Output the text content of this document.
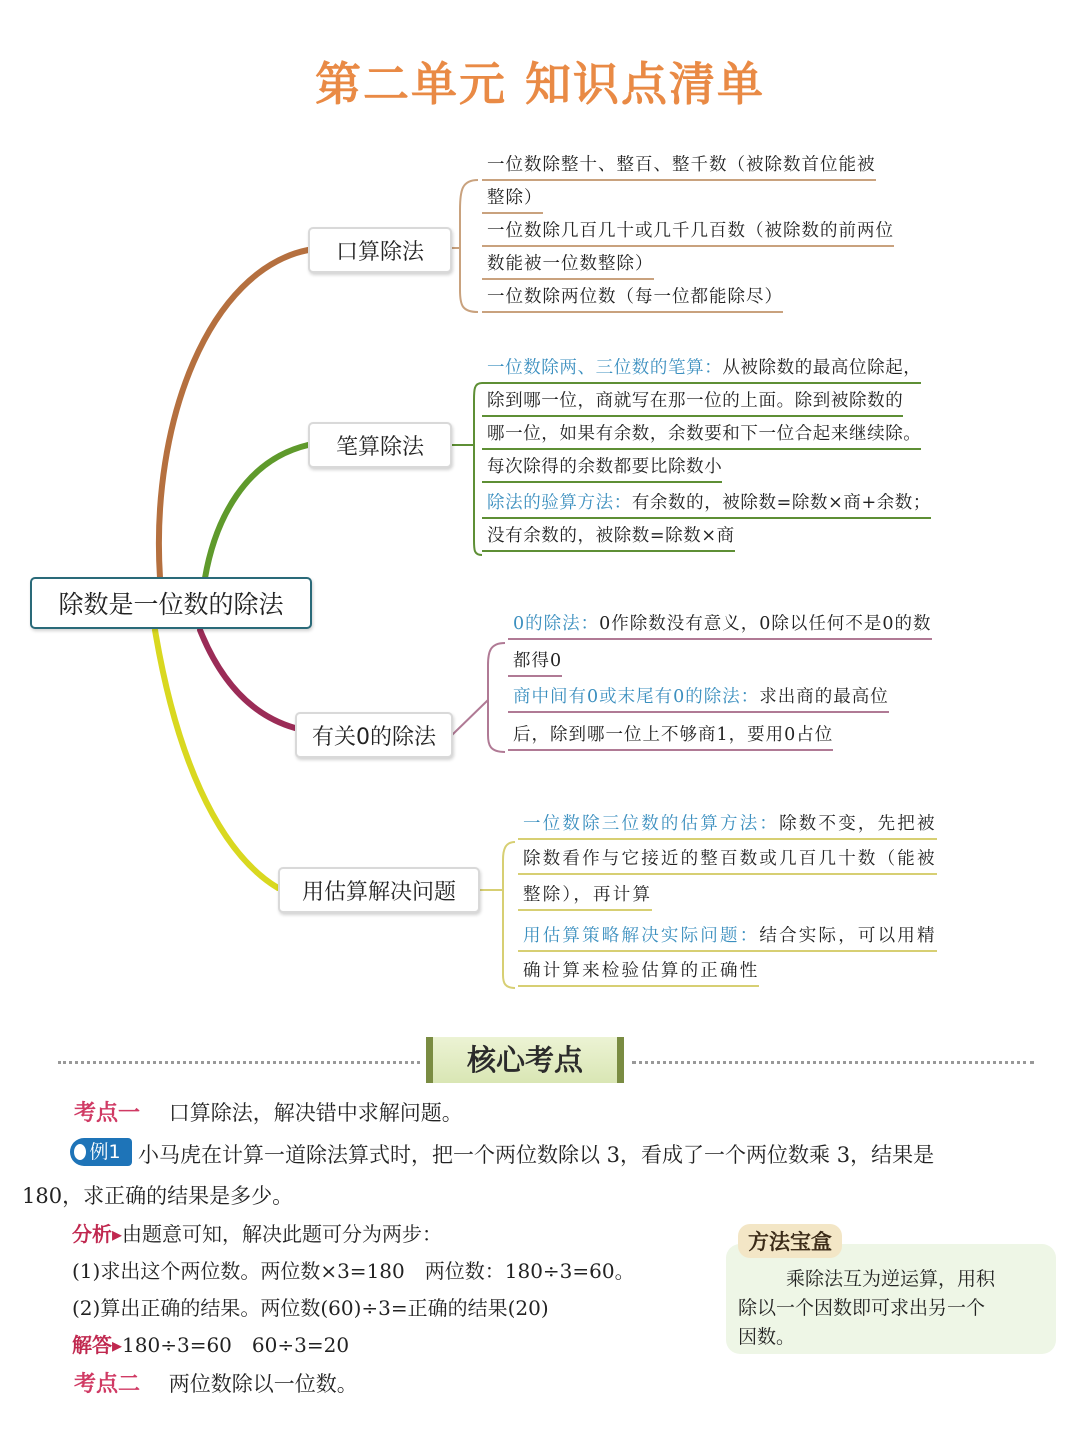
第二单元 知识点清单
除数是一位数的除法
口算除法
笔算除法
有关0的除法
用估算解决问题
一位数除整十、整百、整千数（被除数首位能被
整除）
一位数除几百几十或几千几百数（被除数的前两位
数能被一位数整除）
一位数除两位数（每一位都能除尽）
一位数除两、三位数的笔算：从被除数的最高位除起，
除到哪一位，商就写在那一位的上面。除到被除数的
哪一位，如果有余数，余数要和下一位合起来继续除。
每次除得的余数都要比除数小
除法的验算方法：有余数的，被除数=除数×商+余数；
没有余数的，被除数=除数×商
0的除法：0作除数没有意义，0除以任何不是0的数
都得0
商中间有0或末尾有0的除法：求出商的最高位
后，除到哪一位上不够商1，要用0占位
一位数除三位数的估算方法：除数不变，先把被
除数看作与它接近的整百数或几百几十数（能被
整除），再计算
用估算策略解决实际问题：结合实际，可以用精
确计算来检验估算的正确性
核心考点
考点一 口算除法，解决错中求解问题。
例1 小马虎在计算一道除法算式时，把一个两位数除以 3，看成了一个两位数乘 3，结果是
180，求正确的结果是多少。
分析▸由题意可知，解决此题可分为两步：
(1)求出这个两位数。两位数×3=180　两位数：180÷3=60。
(2)算出正确的结果。两位数(60)÷3=正确的结果(20)
解答▸180÷3=60　60÷3=20
考点二 两位数除以一位数。
方法宝盒
乘除法互为逆运算，用积
除以一个因数即可求出另一个
因数。
